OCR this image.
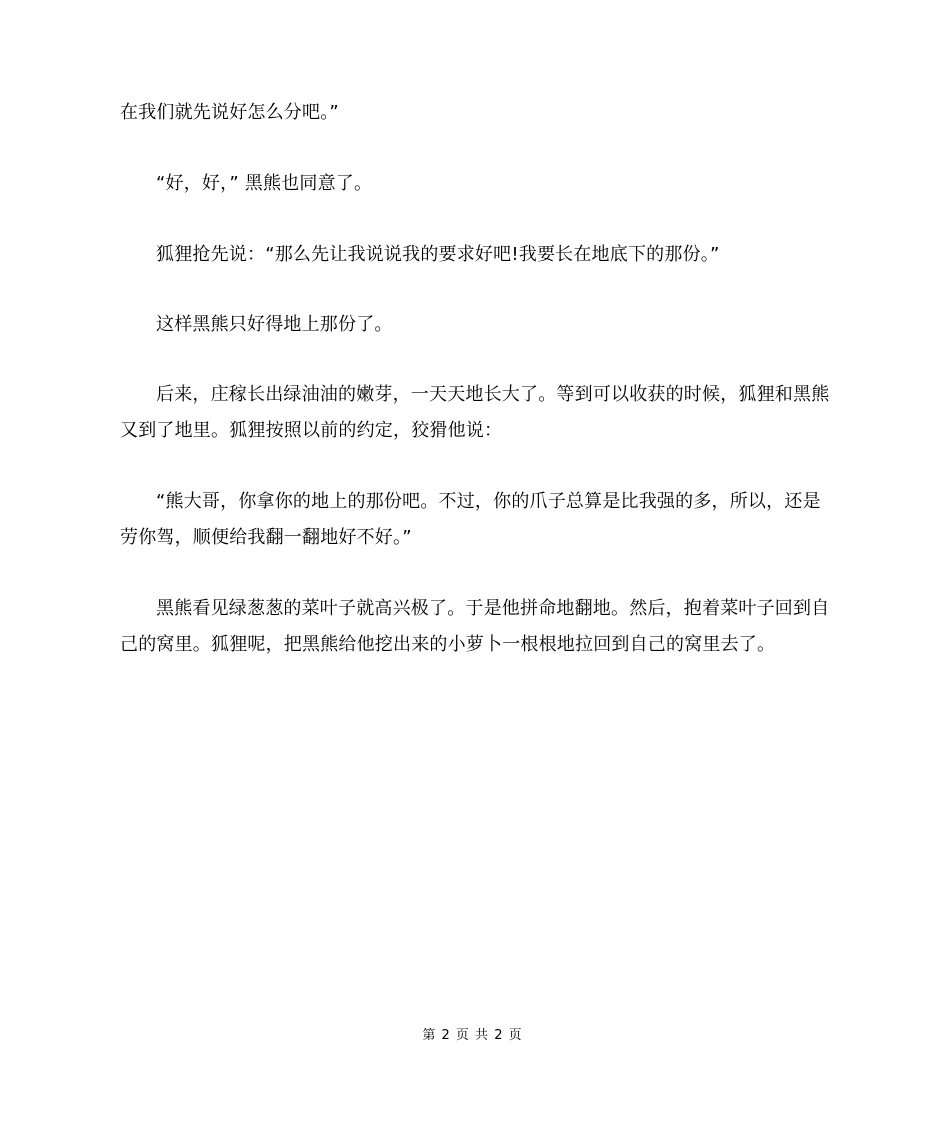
在我们就先说好怎么分吧。”

“好，好，” 黑熊也同意了。

狐狸抢先说：“那么先让我说说我的要求好吧!我要长在地底下的那份。”

这样黑熊只好得地上那份了。

后来，庄稼长出绿油油的嫩芽，一天天地长大了。等到可以收获的时候，狐狸和黑熊又到了地里。狐狸按照以前的约定，狡猾他说：

“熊大哥，你拿你的地上的那份吧。不过，你的爪子总算是比我强的多，所以，还是劳你驾，顺便给我翻一翻地好不好。”

黑熊看见绿葱葱的菜叶子就高兴极了。于是他拼命地翻地。然后，抱着菜叶子回到自己的窝里。狐狸呢，把黑熊给他挖出来的小萝卜一根根地拉回到自己的窝里去了。

第 2 页 共 2 页
